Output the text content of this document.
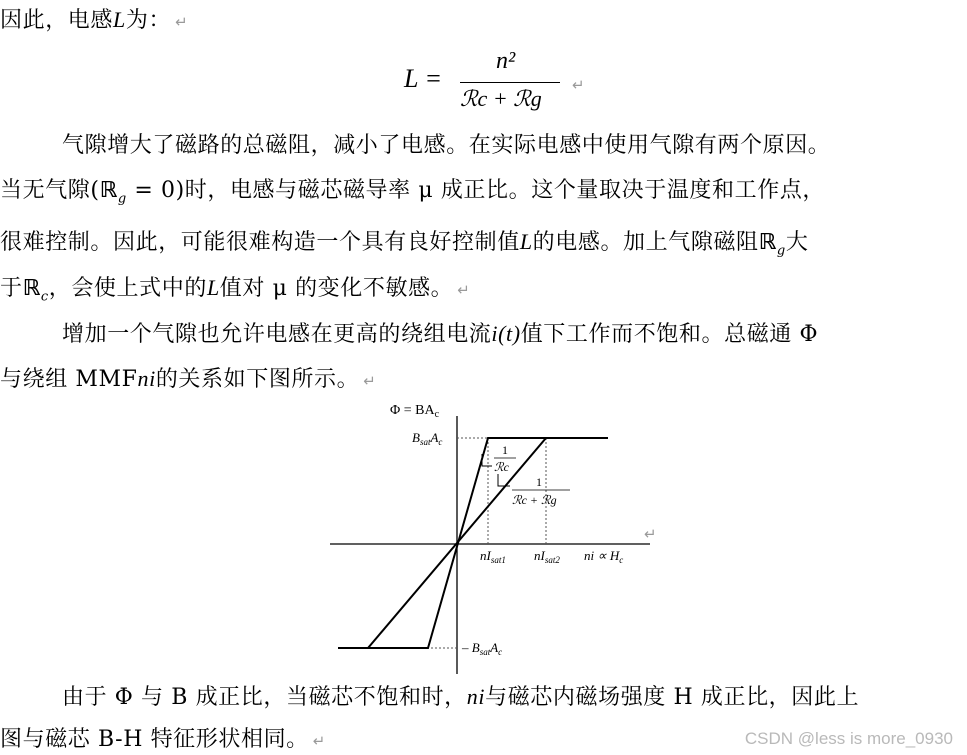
因此，电感L为： ↵
L =
n²
ℛc + ℛg
↵
气隙增大了磁路的总磁阻，减小了电感。在实际电感中使用气隙有两个原因。
当无气隙(ℝ$_g$ = 0)时，电感与磁芯磁导率 μ 成正比。这个量取决于温度和工作点，
很难控制。因此，可能很难构造一个具有良好控制值L的电感。加上气隙磁阻ℝ$_g$大
于ℝ$_c$，会使上式中的L值对 μ 的变化不敏感。 ↵
增加一个气隙也允许电感在更高的绕组电流i(t)值下工作而不饱和。总磁通 Φ
与绕组 MMFni的关系如下图所示。 ↵
$\Phi = BA_c$
$B_{sat}A_c$
– $B_{sat}A_c$
1
ℛc
1
ℛc + ℛg
$nI_{sat1}$ $nI_{sat2}$ ni ∝ $H_c$
↵
由于 Φ 与 B 成正比，当磁芯不饱和时，ni与磁芯内磁场强度 H 成正比，因此上
图与磁芯 B-H 特征形状相同。 ↵	CSDN @less is more_0930
